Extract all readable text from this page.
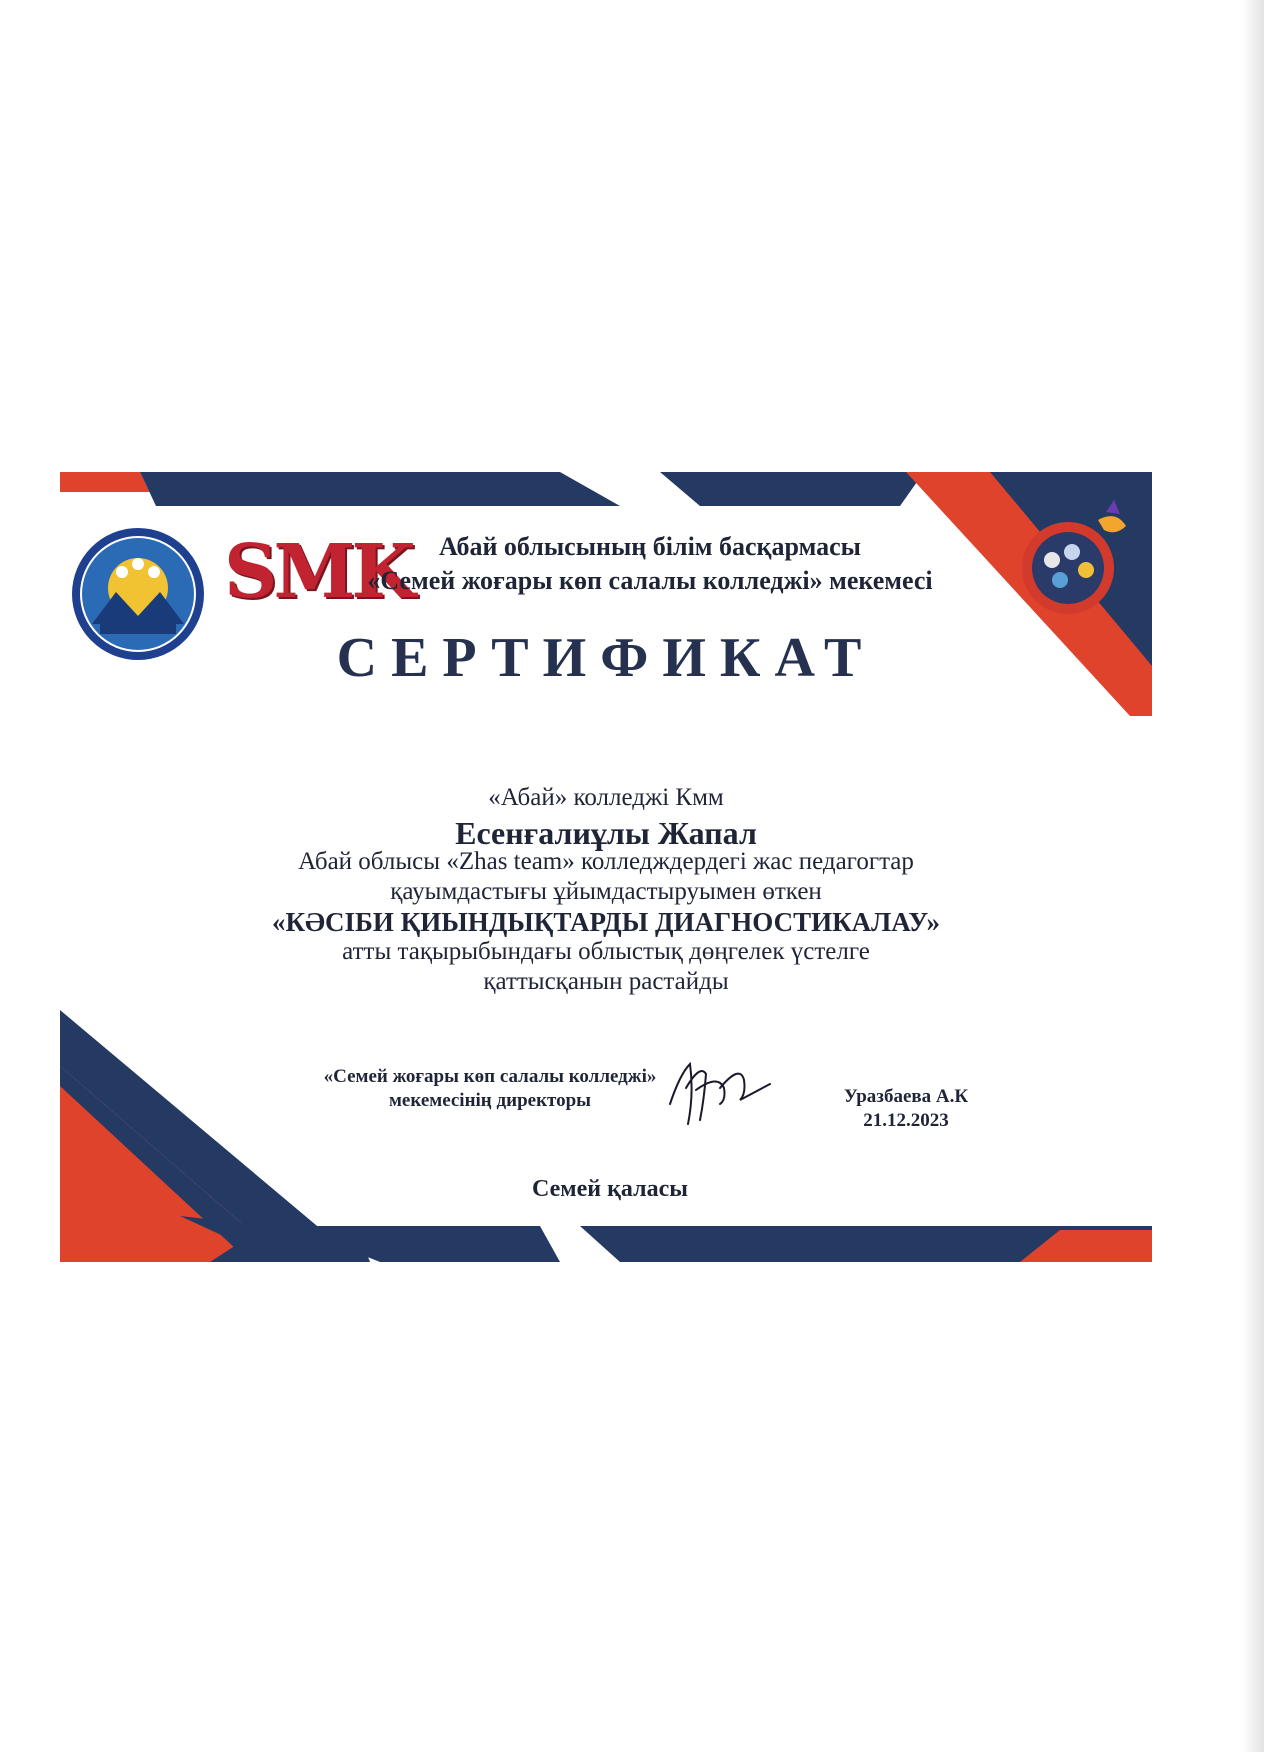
SMK	Абай облысының білім басқармасы
«Семей жоғары көп салалы колледжі» мекемесі
СЕРТИФИКАТ
«Абай» колледжі Кмм
Есенғалиұлы Жапал
Абай облысы «Zhas team» колледждердегі жас педагогтар
қауымдастығы ұйымдастыруымен өткен
«КӘСІБИ ҚИЫНДЫҚТАРДЫ ДИАГНОСТИКАЛАУ»
атты тақырыбындағы облыстық дөңгелек үстелге
қаттысқанын растайды
«Семей жоғары көп салалы колледжі»
мекемесінің директоры	Уразбаева А.К
21.12.2023
Семей қаласы
